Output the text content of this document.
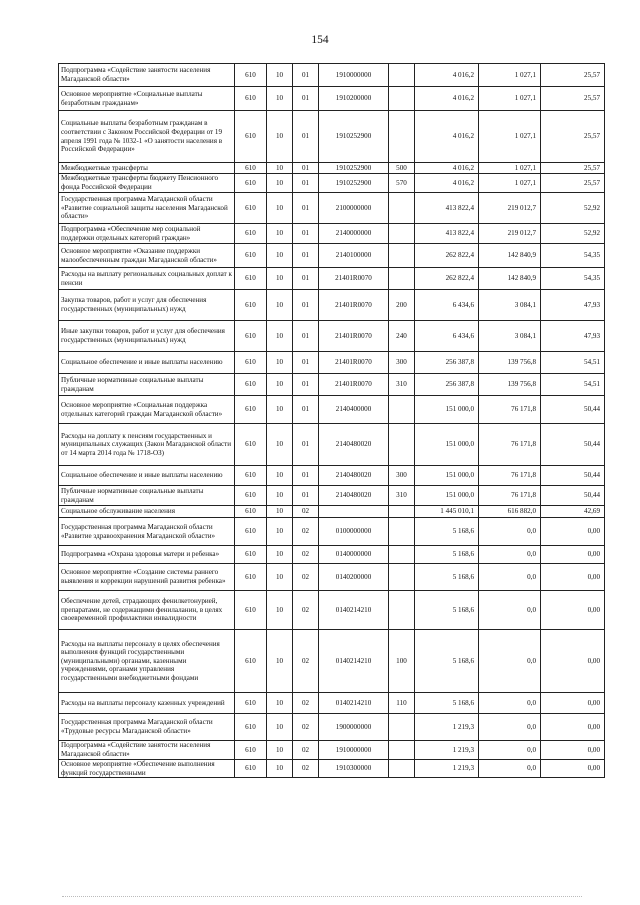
154
Подпрограмма «Содействие занятости населения Магаданской области»	610	10	01	1910000000		4 016,2	1 027,1	25,57
Основное мероприятие «Социальные выплаты безработным гражданам»	610	10	01	1910200000		4 016,2	1 027,1	25,57
Социальные выплаты безработным гражданам в соответствии с Законом Российской Федерации от 19 апреля 1991 года № 1032-1 «О занятости населения в Российской Федерации»	610	10	01	1910252900		4 016,2	1 027,1	25,57
Межбюджетные трансферты	610	10	01	1910252900	500	4 016,2	1 027,1	25,57
Межбюджетные трансферты бюджету Пенсионного фонда Российской Федерации	610	10	01	1910252900	570	4 016,2	1 027,1	25,57
Государственная программа Магаданской области «Развитие социальной защиты населения Магаданской области»	610	10	01	2100000000		413 822,4	219 012,7	52,92
Подпрограмма «Обеспечение мер социальной поддержки отдельных категорий граждан»	610	10	01	2140000000		413 822,4	219 012,7	52,92
Основное мероприятие «Оказание поддержки малообеспеченным граждан Магаданской области»	610	10	01	2140100000		262 822,4	142 840,9	54,35
Расходы на выплату региональных социальных доплат к пенсии	610	10	01	21401R0070		262 822,4	142 840,9	54,35
Закупка товаров, работ и услуг для обеспечения государственных (муниципальных) нужд	610	10	01	21401R0070	200	6 434,6	3 084,1	47,93
Иные закупки товаров, работ и услуг для обеспечения государственных (муниципальных) нужд	610	10	01	21401R0070	240	6 434,6	3 084,1	47,93
Социальное обеспечение и иные выплаты населению	610	10	01	21401R0070	300	256 387,8	139 756,8	54,51
Публичные нормативные социальные выплаты гражданам	610	10	01	21401R0070	310	256 387,8	139 756,8	54,51
Основное мероприятие «Социальная поддержка отдельных категорий граждан Магаданской области»	610	10	01	2140400000		151 000,0	76 171,8	50,44
Расходы на доплату к пенсиям государственных и муниципальных служащих (Закон Магаданской области от 14 марта 2014 года № 1718-ОЗ)	610	10	01	2140480020		151 000,0	76 171,8	50,44
Социальное обеспечение и иные выплаты населению	610	10	01	2140480020	300	151 000,0	76 171,8	50,44
Публичные нормативные социальные выплаты гражданам	610	10	01	2140480020	310	151 000,0	76 171,8	50,44
Социальное обслуживание населения	610	10	02			1 445 010,1	616 882,0	42,69
Государственная программа Магаданской области «Развитие здравоохранения Магаданской области»	610	10	02	0100000000		5 168,6	0,0	0,00
Подпрограмма «Охрана здоровья матери и ребенка»	610	10	02	0140000000		5 168,6	0,0	0,00
Основное мероприятие «Создание системы раннего выявления и коррекции нарушений развития ребенка»	610	10	02	0140200000		5 168,6	0,0	0,00
Обеспечение детей, страдающих фенилкетонурией, препаратами, не содержащими фенилаланин, в целях своевременной профилактики инвалидности	610	10	02	0140214210		5 168,6	0,0	0,00
Расходы на выплаты персоналу в целях обеспечения выполнения функций государственными (муниципальными) органами, казенными учреждениями, органами управления государственными внебюджетными фондами	610	10	02	0140214210	100	5 168,6	0,0	0,00
Расходы на выплаты персоналу казенных учреждений	610	10	02	0140214210	110	5 168,6	0,0	0,00
Государственная программа Магаданской области «Трудовые ресурсы Магаданской области»	610	10	02	1900000000		1 219,3	0,0	0,00
Подпрограмма «Содействие занятости населения Магаданской области»	610	10	02	1910000000		1 219,3	0,0	0,00
Основное мероприятие «Обеспечение выполнения функций государственными	610	10	02	1910300000		1 219,3	0,0	0,00
